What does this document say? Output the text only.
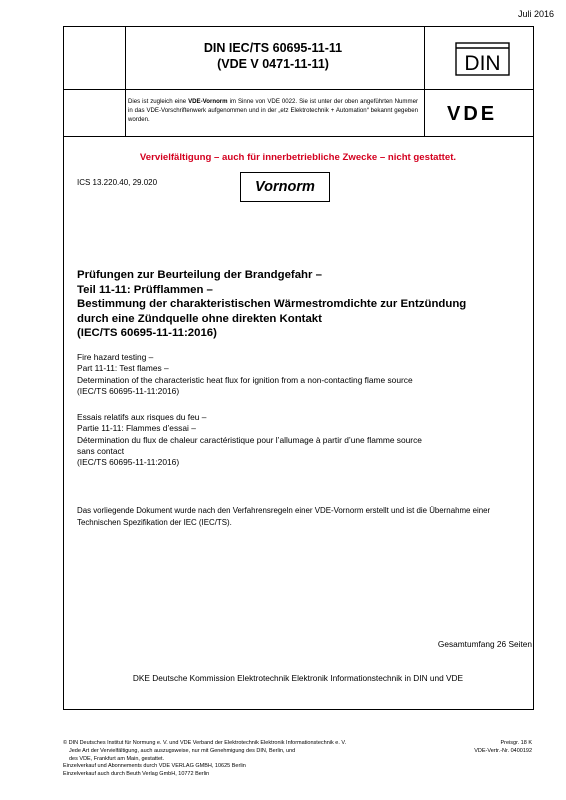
Juli 2016
DIN IEC/TS 60695-11-11
(VDE V 0471-11-11)	DIN
Dies ist zugleich eine VDE-Vornorm im Sinne von VDE 0022. Sie ist unter der oben angeführten Nummer in das VDE-Vorschriftenwerk aufgenommen und in der „etz Elektrotechnik + Automation“ bekannt gegeben worden.	VDE
Vervielfältigung – auch für innerbetriebliche Zwecke – nicht gestattet.
ICS 13.220.40, 29.020	Vornorm
Prüfungen zur Beurteilung der Brandgefahr –
Teil 11-11: Prüfflammen –
Bestimmung der charakteristischen Wärmestromdichte zur Entzündung
durch eine Zündquelle ohne direkten Kontakt
(IEC/TS 60695-11-11:2016)
Fire hazard testing –
Part 11-11: Test flames –
Determination of the characteristic heat flux for ignition from a non-contacting flame source
(IEC/TS 60695-11-11:2016)
Essais relatifs aux risques du feu –
Partie 11-11: Flammes d’essai –
Détermination du flux de chaleur caractéristique pour l’allumage à partir d’une flamme source
sans contact
(IEC/TS 60695-11-11:2016)
Das vorliegende Dokument wurde nach den Verfahrensregeln einer VDE-Vornorm erstellt und ist die Übernahme einer Technischen Spezifikation der IEC (IEC/TS).
Gesamtumfang 26 Seiten
DKE Deutsche Kommission Elektrotechnik Elektronik Informationstechnik in DIN und VDE
© DIN Deutsches Institut für Normung e. V. und VDE Verband der Elektrotechnik Elektronik Informationstechnik e. V.
Jede Art der Vervielfältigung, auch auszugsweise, nur mit Genehmigung des DIN, Berlin, und
des VDE, Frankfurt am Main, gestattet.
Einzelverkauf und Abonnements durch VDE VERLAG GMBH, 10625 Berlin
Einzelverkauf auch durch Beuth Verlag GmbH, 10772 Berlin
Preisgr. 18 K
VDE-Vertr.-Nr. 0400192
